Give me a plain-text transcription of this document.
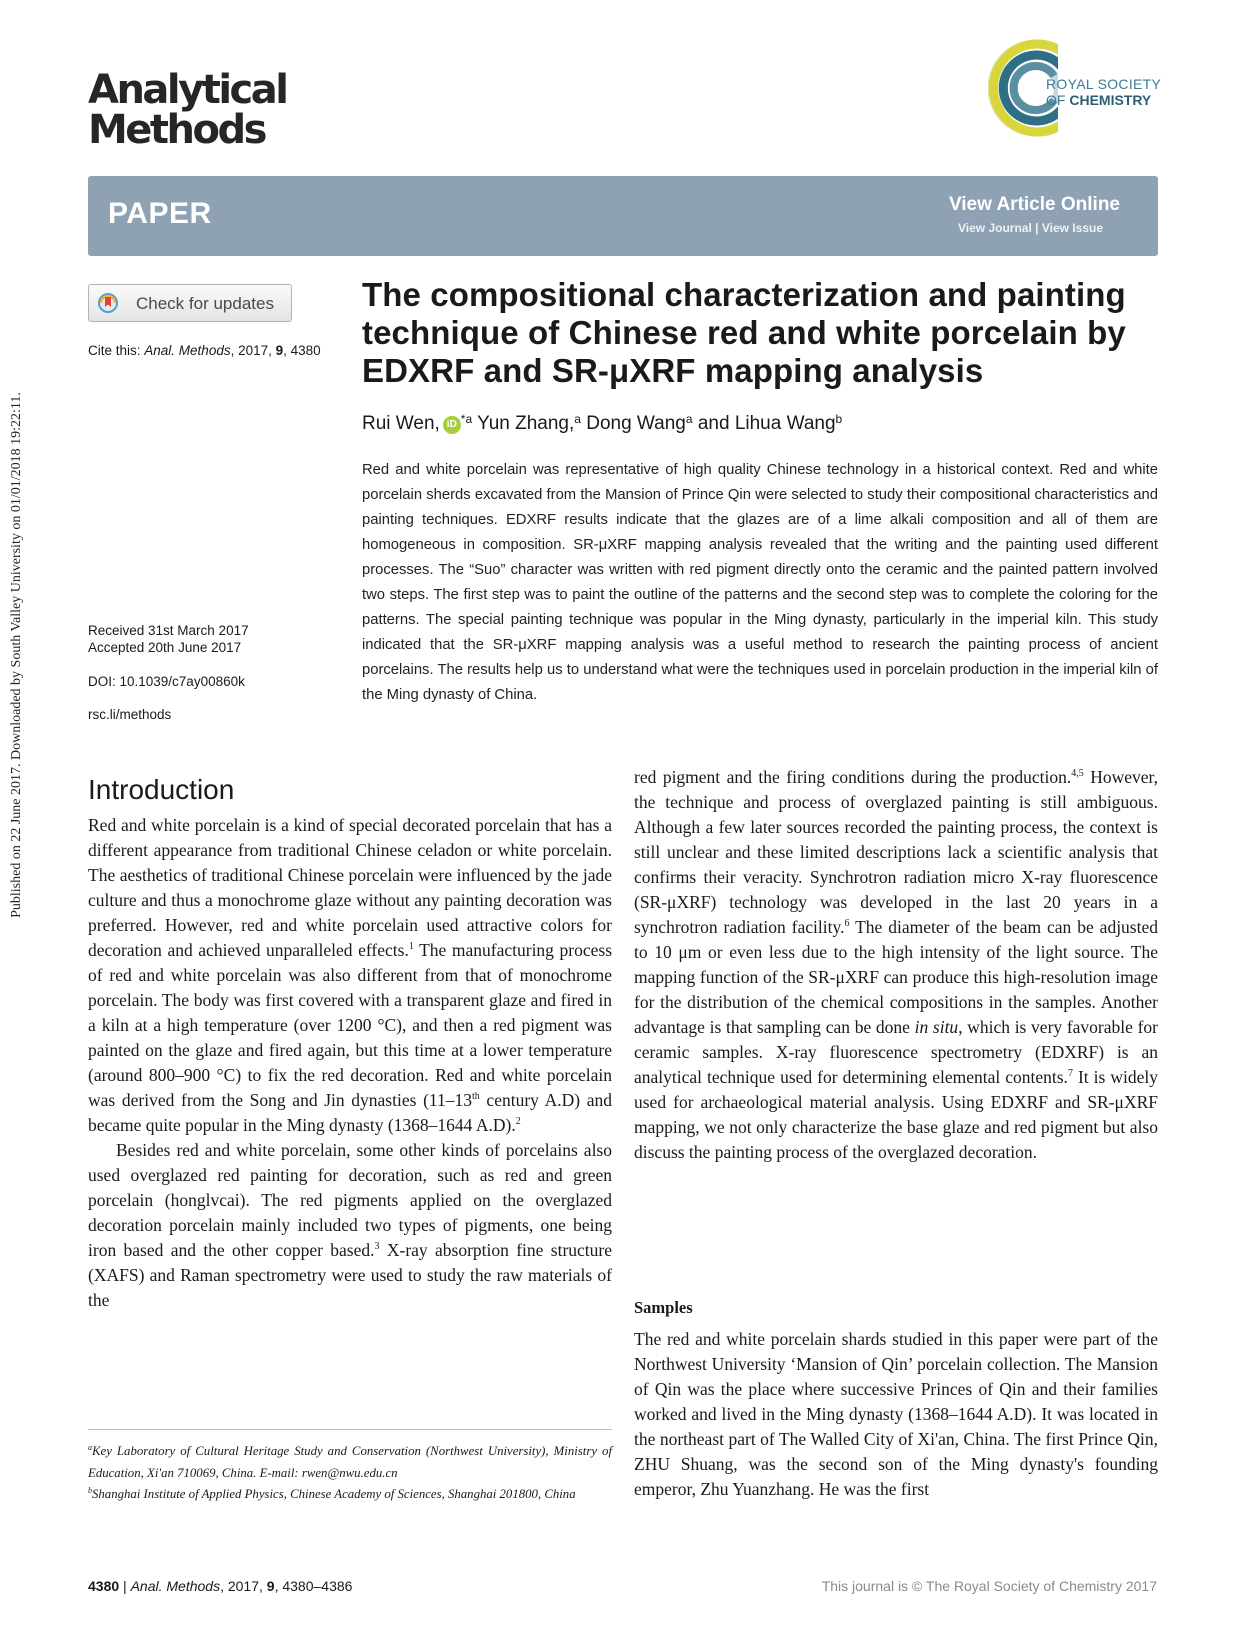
Published on 22 June 2017. Downloaded by South Valley University on 01/01/2018 19:22:11.
Analytical
Methods
ROYAL SOCIETY
OF CHEMISTRY
PAPER	View Article Online
View Journal | View Issue
Check for updates
Cite this: Anal. Methods, 2017, 9, 4380
Received 31st March 2017
Accepted 20th June 2017
DOI: 10.1039/c7ay00860k
rsc.li/methods
The compositional characterization and painting technique of Chinese red and white porcelain by EDXRF and SR-μXRF mapping analysis
Rui Wen, iD $^{*a}$ Yun Zhang,$^a$ Dong Wang$^a$ and Lihua Wang$^b$
Red and white porcelain was representative of high quality Chinese technology in a historical context. Red and white porcelain sherds excavated from the Mansion of Prince Qin were selected to study their compositional characteristics and painting techniques. EDXRF results indicate that the glazes are of a lime alkali composition and all of them are homogeneous in composition. SR-μXRF mapping analysis revealed that the writing and the painting used different processes. The “Suo” character was written with red pigment directly onto the ceramic and the painted pattern involved two steps. The first step was to paint the outline of the patterns and the second step was to complete the coloring for the patterns. The special painting technique was popular in the Ming dynasty, particularly in the imperial kiln. This study indicated that the SR-μXRF mapping analysis was a useful method to research the painting process of ancient porcelains. The results help us to understand what were the techniques used in porcelain production in the imperial kiln of the Ming dynasty of China.
Introduction

Red and white porcelain is a kind of special decorated porcelain that has a different appearance from traditional Chinese celadon or white porcelain. The aesthetics of traditional Chinese porcelain were influenced by the jade culture and thus a monochrome glaze without any painting decoration was preferred. However, red and white porcelain used attractive colors for decoration and achieved unparalleled effects.$^1$ The manufacturing process of red and white porcelain was also different from that of monochrome porcelain. The body was first covered with a transparent glaze and fired in a kiln at a high temperature (over 1200 °C), and then a red pigment was painted on the glaze and fired again, but this time at a lower temperature (around 800–900 °C) to fix the red decoration. Red and white porcelain was derived from the Song and Jin dynasties (11–13th century A.D) and became quite popular in the Ming dynasty (1368–1644 A.D).$^2$

Besides red and white porcelain, some other kinds of porcelains also used overglazed red painting for decoration, such as red and green porcelain (honglvcai). The red pigments applied on the overglazed decoration porcelain mainly included two types of pigments, one being iron based and the other copper based.$^3$ X-ray absorption fine structure (XAFS) and Raman spectrometry were used to study the raw materials of the

$^a$Key Laboratory of Cultural Heritage Study and Conservation (Northwest University), Ministry of Education, Xi'an 710069, China. E-mail: rwen@nwu.edu.cn

$^b$Shanghai Institute of Applied Physics, Chinese Academy of Sciences, Shanghai 201800, China

red pigment and the firing conditions during the production.$^{4,5}$ However, the technique and process of overglazed painting is still ambiguous. Although a few later sources recorded the painting process, the context is still unclear and these limited descriptions lack a scientific analysis that confirms their veracity. Synchrotron radiation micro X-ray fluorescence (SR-μXRF) technology was developed in the last 20 years in a synchrotron radiation facility.$^6$ The diameter of the beam can be adjusted to 10 μm or even less due to the high intensity of the light source. The mapping function of the SR-μXRF can produce this high-resolution image for the distribution of the chemical compositions in the samples. Another advantage is that sampling can be done in situ, which is very favorable for ceramic samples. X-ray fluorescence spectrometry (EDXRF) is an analytical technique used for determining elemental contents.$^7$ It is widely used for archaeological material analysis. Using EDXRF and SR-μXRF mapping, we not only characterize the base glaze and red pigment but also discuss the painting process of the overglazed decoration.

Samples

The red and white porcelain shards studied in this paper were part of the Northwest University ‘Mansion of Qin’ porcelain collection. The Mansion of Qin was the place where successive Princes of Qin and their families worked and lived in the Ming dynasty (1368–1644 A.D). It was located in the northeast part of The Walled City of Xi'an, China. The first Prince Qin, ZHU Shuang, was the second son of the Ming dynasty's founding emperor, Zhu Yuanzhang. He was the first

4380 | Anal. Methods, 2017, 9, 4380–4386	This journal is © The Royal Society of Chemistry 2017
